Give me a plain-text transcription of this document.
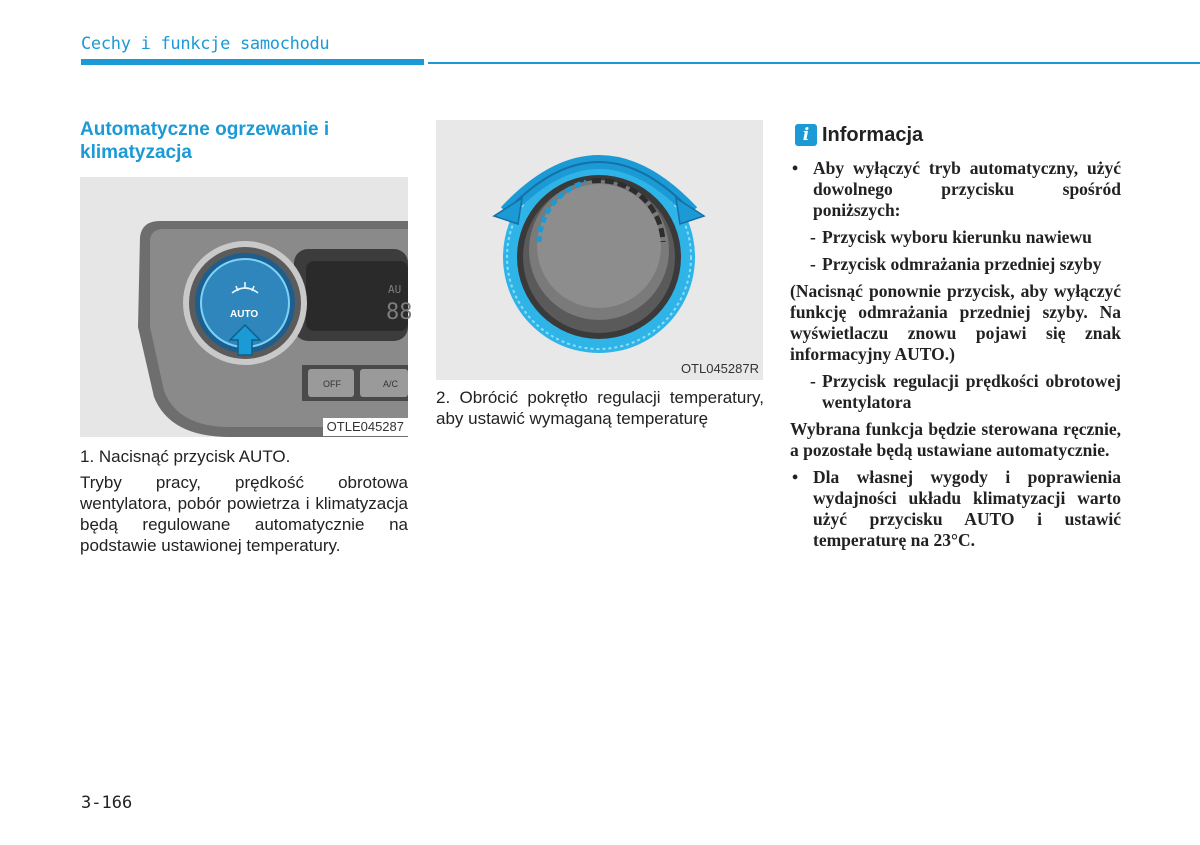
Cechy i funkcje samochodu
Automatyczne ogrzewanie i klimatyzacja
AU
88
OFF	A/C
AUTO
OTLE045287
1. Nacisnąć przycisk AUTO.
Tryby pracy, prędkość obrotowa wentylatora, pobór powietrza i klimatyzacja będą regulowane automatycznie na podstawie ustawionej temperatury.
OTL045287R
2. Obrócić pokrętło regulacji temperatury, aby ustawić wymaganą temperaturę
i Informacja
• Aby wyłączyć tryb automatyczny, użyć dowolnego przycisku spośród poniższych:
- Przycisk wyboru kierunku nawiewu
- Przycisk odmrażania przedniej szyby

(Nacisnąć ponownie przycisk, aby wyłączyć funkcję odmrażania przedniej szyby. Na wyświetlaczu znowu pojawi się znak informacyjny AUTO.)

- Przycisk regulacji prędkości obrotowej wentylatora

Wybrana funkcja będzie sterowana ręcznie, a pozostałe będą ustawiane automatycznie.

• Dla własnej wygody i poprawienia wydajności układu klimatyzacji warto użyć przycisku AUTO i ustawić temperaturę na 23°C.
3-166
